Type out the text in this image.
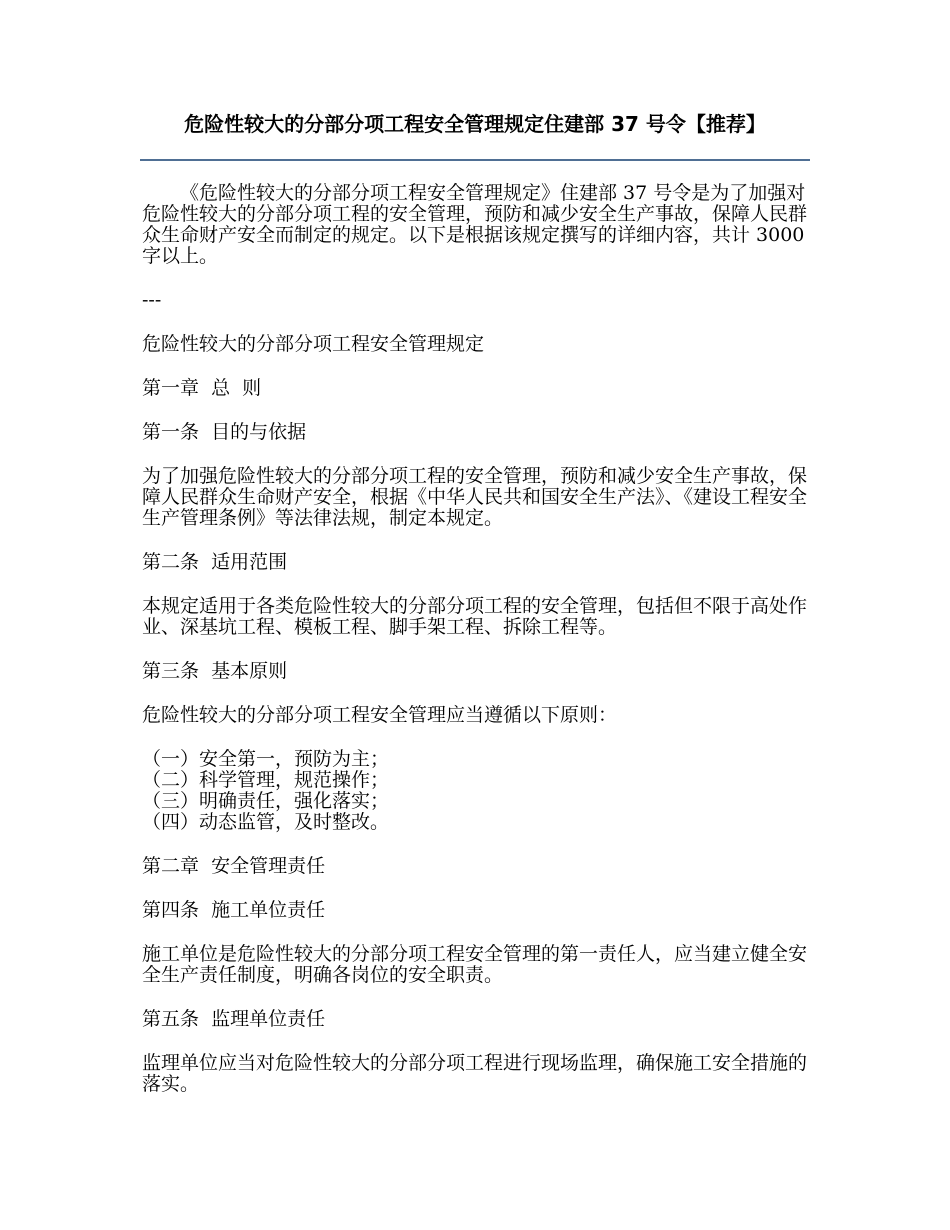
危险性较大的分部分项工程安全管理规定住建部 37 号令【推荐】

《危险性较大的分部分项工程安全管理规定》住建部 37 号令是为了加强对危险性较大的分部分项工程的安全管理，预防和减少安全生产事故，保障人民群众生命财产安全而制定的规定。以下是根据该规定撰写的详细内容，共计 3000 字以上。

---

危险性较大的分部分项工程安全管理规定

第一章  总  则

第一条  目的与依据

为了加强危险性较大的分部分项工程的安全管理，预防和减少安全生产事故，保障人民群众生命财产安全，根据《中华人民共和国安全生产法》、《建设工程安全生产管理条例》等法律法规，制定本规定。

第二条  适用范围

本规定适用于各类危险性较大的分部分项工程的安全管理，包括但不限于高处作业、深基坑工程、模板工程、脚手架工程、拆除工程等。

第三条  基本原则

危险性较大的分部分项工程安全管理应当遵循以下原则：

（一）安全第一，预防为主；
（二）科学管理，规范操作；
（三）明确责任，强化落实；
（四）动态监管，及时整改。

第二章  安全管理责任

第四条  施工单位责任

施工单位是危险性较大的分部分项工程安全管理的第一责任人，应当建立健全安全生产责任制度，明确各岗位的安全职责。

第五条  监理单位责任

监理单位应当对危险性较大的分部分项工程进行现场监理，确保施工安全措施的落实。
